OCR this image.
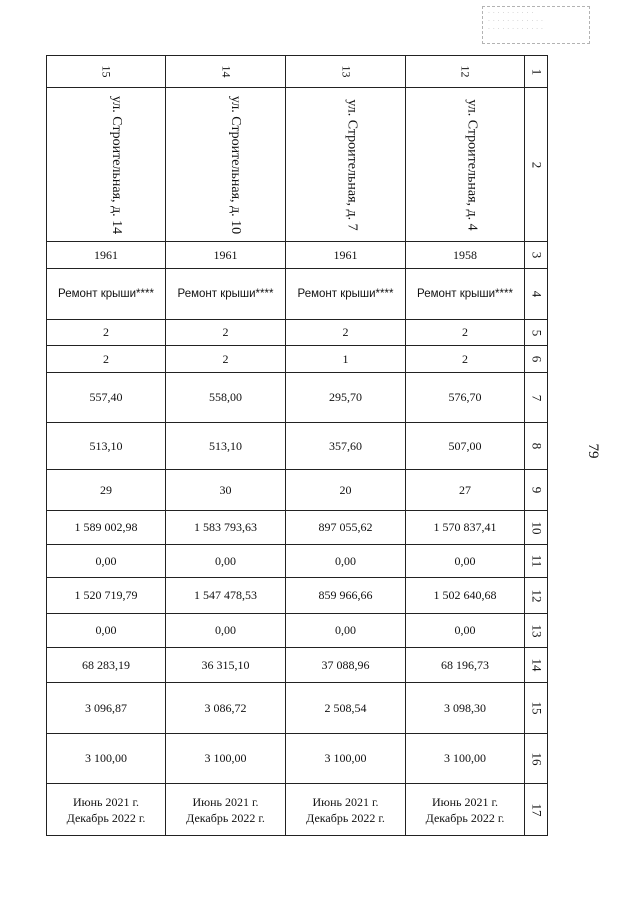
· · · · · · · · · ·
· · · · · · · · · · · ·
· · · · · · · · · · · ·
79
15	14	13	12	1
ул. Строительная, д. 14	ул. Строительная, д. 10	ул. Строительная, д. 7	ул. Строительная, д. 4	2
1961	1961	1961	1958	3
Ремонт крыши****	Ремонт крыши****	Ремонт крыши****	Ремонт крыши****	4
2	2	2	2	5
2	2	1	2	6
557,40	558,00	295,70	576,70	7
513,10	513,10	357,60	507,00	8
29	30	20	27	9
1 589 002,98	1 583 793,63	897 055,62	1 570 837,41	10
0,00	0,00	0,00	0,00	11
1 520 719,79	1 547 478,53	859 966,66	1 502 640,68	12
0,00	0,00	0,00	0,00	13
68 283,19	36 315,10	37 088,96	68 196,73	14
3 096,87	3 086,72	2 508,54	3 098,30	15
3 100,00	3 100,00	3 100,00	3 100,00	16

Июнь 2021 г.
Декабрь 2022 г.	Июнь 2021 г.
Декабрь 2022 г.	Июнь 2021 г.
Декабрь 2022 г.	Июнь 2021 г.
Декабрь 2022 г.	17
